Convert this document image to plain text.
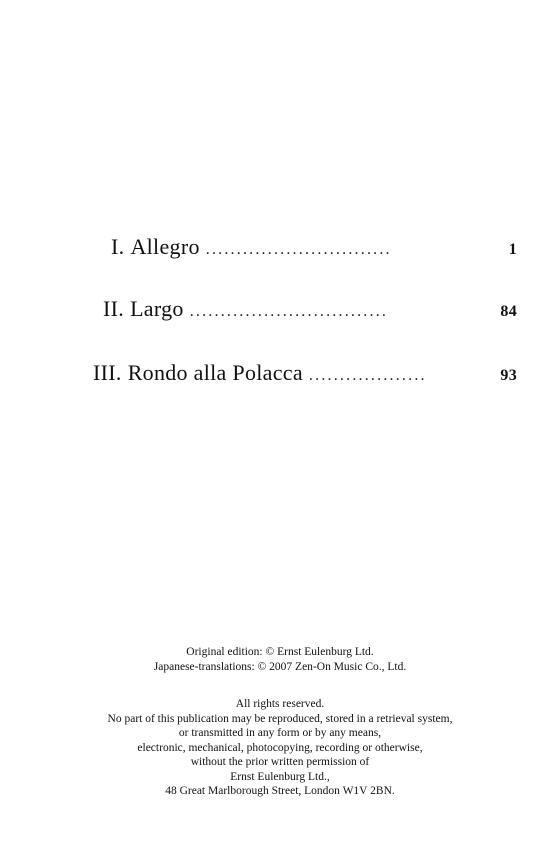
I. Allegro ..............................	1
II. Largo ................................	84
III. Rondo alla Polacca ...................	93
Original edition: © Ernst Eulenburg Ltd.
Japanese-translations: © 2007 Zen-On Music Co., Ltd.
All rights reserved.
No part of this publication may be reproduced, stored in a retrieval system,
or transmitted in any form or by any means,
electronic, mechanical, photocopying, recording or otherwise,
without the prior written permission of
Ernst Eulenburg Ltd.,
48 Great Marlborough Street, London W1V 2BN.
